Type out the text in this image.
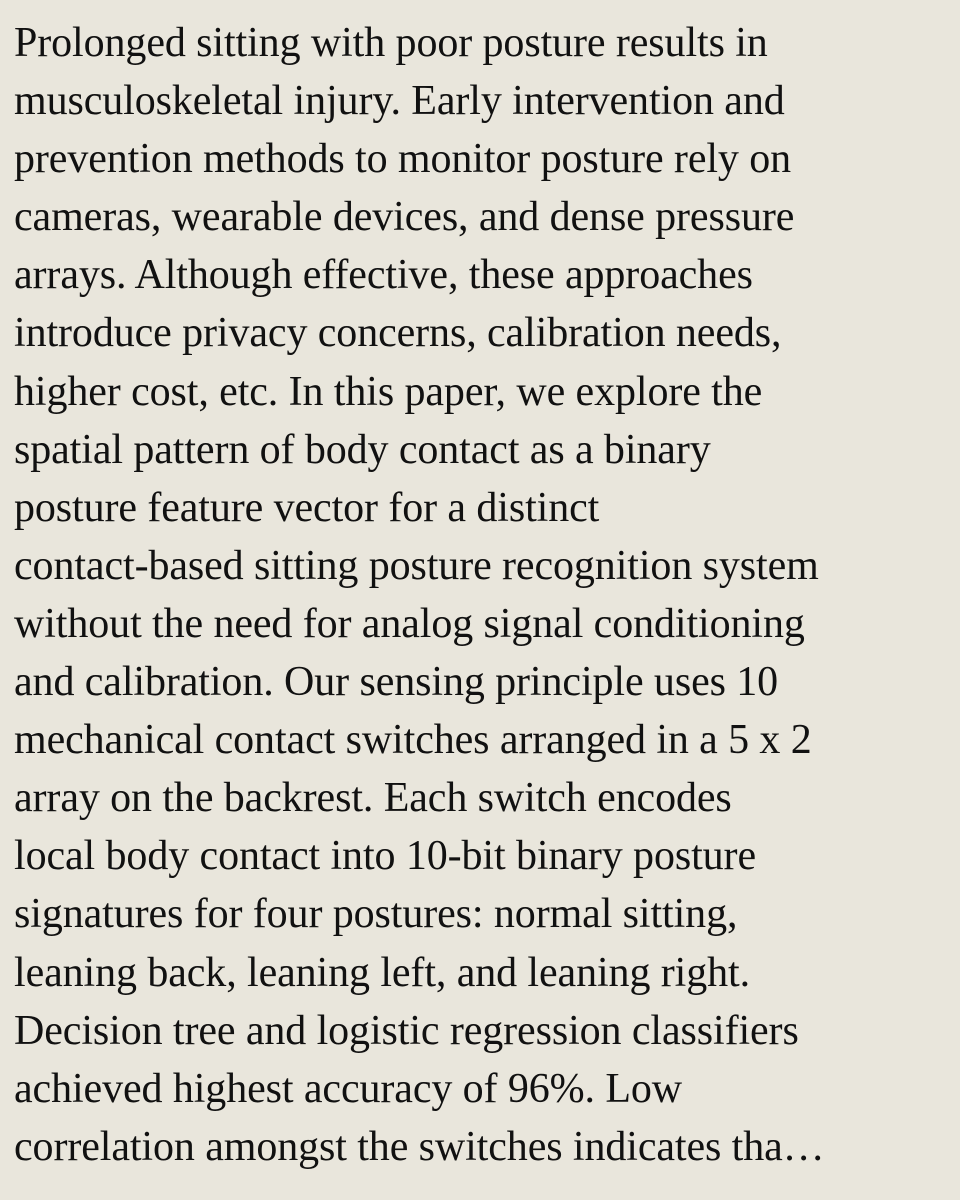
Prolonged sitting with poor posture results in
musculoskeletal injury. Early intervention and
prevention methods to monitor posture rely on
cameras, wearable devices, and dense pressure
arrays. Although effective, these approaches
introduce privacy concerns, calibration needs,
higher cost, etc. In this paper, we explore the
spatial pattern of body contact as a binary
posture feature vector for a distinct
contact-based sitting posture recognition system
without the need for analog signal conditioning
and calibration. Our sensing principle uses 10
mechanical contact switches arranged in a 5 x 2
array on the backrest. Each switch encodes
local body contact into 10-bit binary posture
signatures for four postures: normal sitting,
leaning back, leaning left, and leaning right.
Decision tree and logistic regression classifiers
achieved highest accuracy of 96%. Low
correlation amongst the switches indicates tha…
